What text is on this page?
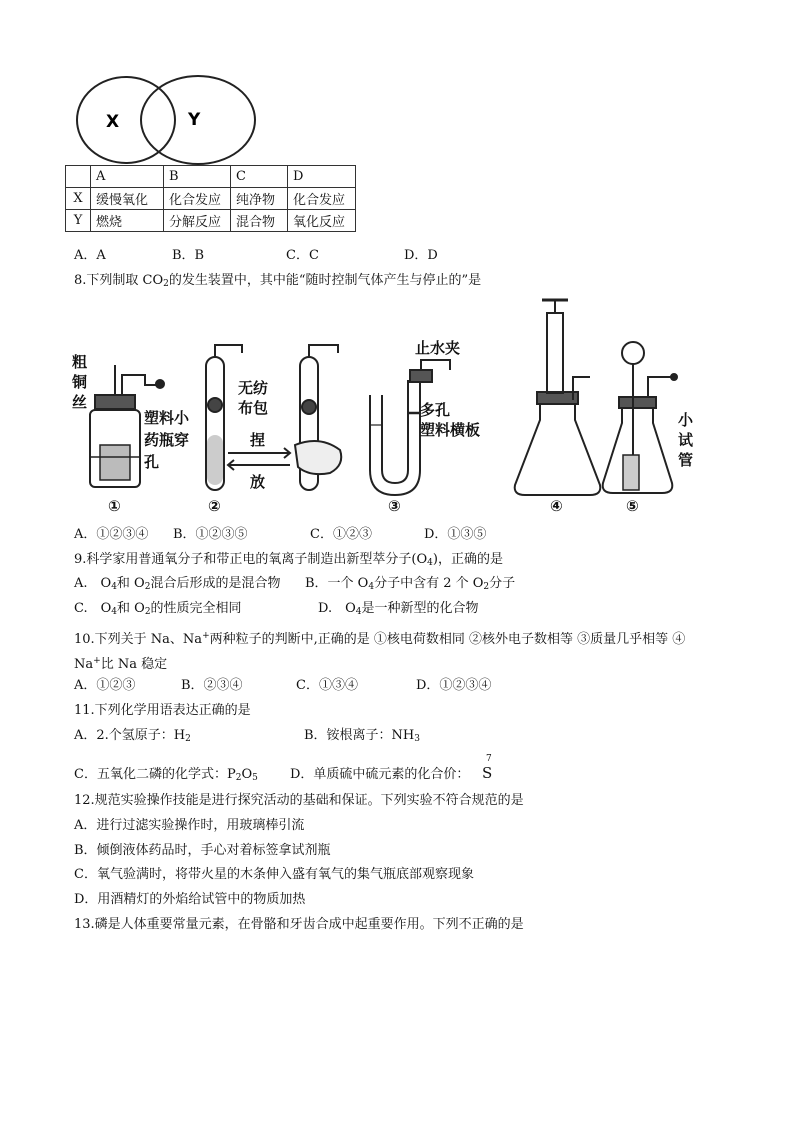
X	Y
	A	B	C	D
X	缓慢氧化	化合发应	纯净物	化合发应
Y	燃烧	分解反应	混合物	氧化反应
A．A	B．B	C．C	D．D
8.下列制取 $CO_2$的发生装置中，其中能“随时控制气体产生与停止的”是
粗
铜
丝
塑料小
药瓶穿
孔
无纺
布包
捏
放
止水夹
多孔
塑料横板
小
试
管
①	②	③	④	⑤
A．①②③④ B．①②③⑤	C．①②③	D．①③⑤
9.科学家用普通氧分子和带正电的氧离子制造出新型萃分子$(O_4)$，正确的是
A.　$O_4$和 $O_2$混合后形成的是混合物 B．一个 $O_4$分子中含有 2 个 $O_2$分子
C.　$O_4$和 $O_2$的性质完全相同	D.　$O_4$是一种新型的化合物
10.下列关于 Na、Na+两种粒子的判断中,正确的是 ①核电荷数相同 ②核外电子数相等 ③质量几乎相等 ④
Na+比 Na 稳定
A．①②③	B．②③④	C．①③④	D．①②③④
11.下列化学用语表达正确的是
A．2.个氢原子：$H_2$	B．铵根离子：$NH_3$
C．五氧化二磷的化学式：$P_2O_5$ D．单质硫中硫元素的化合价：
7
S
12.规范实验操作技能是进行探究活动的基础和保证。下列实验不符合规范的是
A．进行过滤实验操作时，用玻璃棒引流
B．倾倒液体药品时，手心对着标签拿试剂瓶
C．氧气验满时，将带火星的木条伸入盛有氧气的集气瓶底部观察现象
D．用酒精灯的外焰给试管中的物质加热
13.磷是人体重要常量元素，在骨骼和牙齿合成中起重要作用。下列不正确的是
